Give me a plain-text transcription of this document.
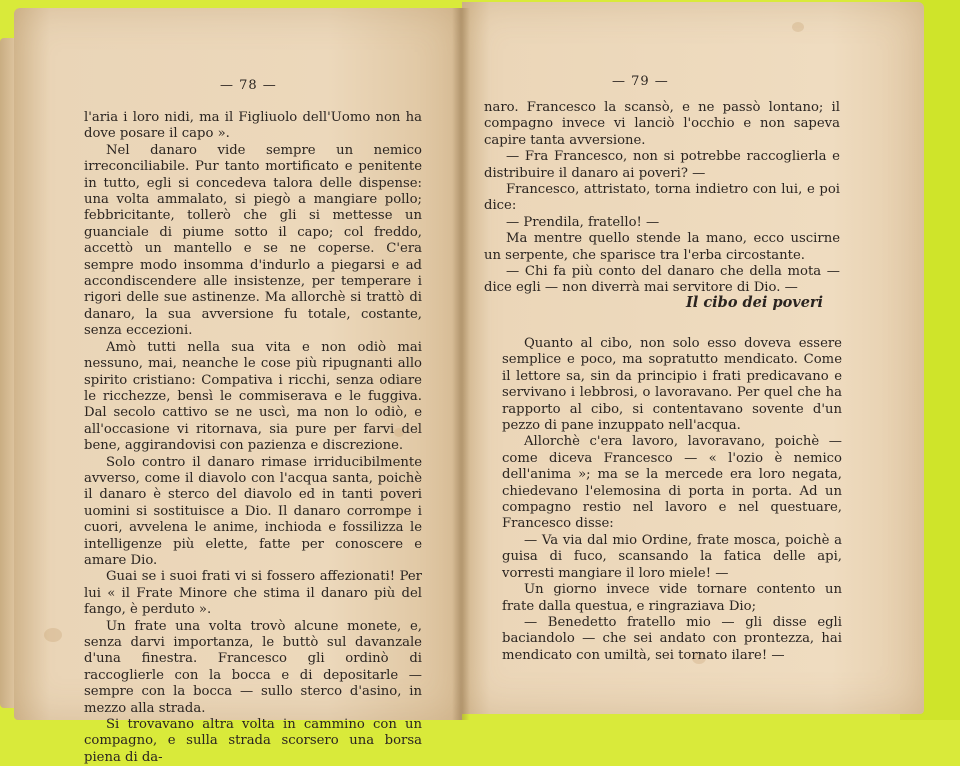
— 78 —

l'aria i loro nidi, ma il Figliuolo dell'Uomo non ha dove posare il capo ».

Nel danaro vide sempre un nemico irreconciliabile. Pur tanto mortificato e penitente in tutto, egli si concedeva talora delle dispense: una volta ammalato, si piegò a mangiare pollo; febbricitante, tollerò che gli si mettesse un guanciale di piume sotto il capo; col freddo, accettò un mantello e se ne coperse. C'era sempre modo insomma d'indurlo a piegarsi e ad accondiscendere alle insistenze, per temperare i rigori delle sue astinenze. Ma allorchè si trattò di danaro, la sua avversione fu totale, costante, senza eccezioni.

Amò tutti nella sua vita e non odiò mai nessuno, mai, neanche le cose più ripugnanti allo spirito cristiano: Compativa i ricchi, senza odiare le ricchezze, bensì le commiserava e le fuggiva. Dal secolo cattivo se ne uscì, ma non lo odiò, e all'occasione vi ritornava, sia pure per farvi del bene, aggirandovisi con pazienza e discrezione.

Solo contro il danaro rimase irriducibilmente avverso, come il diavolo con l'acqua santa, poichè il danaro è sterco del diavolo ed in tanti poveri uomini si sostituisce a Dio. Il danaro corrompe i cuori, avvelena le anime, inchioda e fossilizza le intelligenze più elette, fatte per conoscere e amare Dio.

Guai se i suoi frati vi si fossero affezionati! Per lui « il Frate Minore che stima il danaro più del fango, è perduto ».

Un frate una volta trovò alcune monete, e, senza darvi importanza, le buttò sul davanzale d'una finestra. Francesco gli ordinò di raccoglierle con la bocca e di depositarle — sempre con la bocca — sullo sterco d'asino, in mezzo alla strada.

Si trovavano altra volta in cammino con un compagno, e sulla strada scorsero una borsa piena di da-

— 79 —

naro. Francesco la scansò, e ne passò lontano; il compagno invece vi lanciò l'occhio e non sapeva capire tanta avversione.

— Fra Francesco, non si potrebbe raccoglierla e distribuire il danaro ai poveri? —

Francesco, attristato, torna indietro con lui, e poi dice:

— Prendila, fratello! —

Ma mentre quello stende la mano, ecco uscirne un serpente, che sparisce tra l'erba circostante.

— Chi fa più conto del danaro che della mota — dice egli — non diverrà mai servitore di Dio. —

Il cibo dei poveri

Quanto al cibo, non solo esso doveva essere semplice e poco, ma sopratutto mendicato. Come il lettore sa, sin da principio i frati predicavano e servivano i lebbrosi, o lavoravano. Per quel che ha rapporto al cibo, si contentavano sovente d'un pezzo di pane inzuppato nell'acqua.

Allorchè c'era lavoro, lavoravano, poichè — come diceva Francesco — « l'ozio è nemico dell'anima »; ma se la mercede era loro negata, chiedevano l'elemosina di porta in porta. Ad un compagno restio nel lavoro e nel questuare, Francesco disse:

— Va via dal mio Ordine, frate mosca, poichè a guisa di fuco, scansando la fatica delle api, vorresti mangiare il loro miele! —

Un giorno invece vide tornare contento un frate dalla questua, e ringraziava Dio;

— Benedetto fratello mio — gli disse egli baciandolo — che sei andato con prontezza, hai mendicato con umiltà, sei tornato ilare! —
